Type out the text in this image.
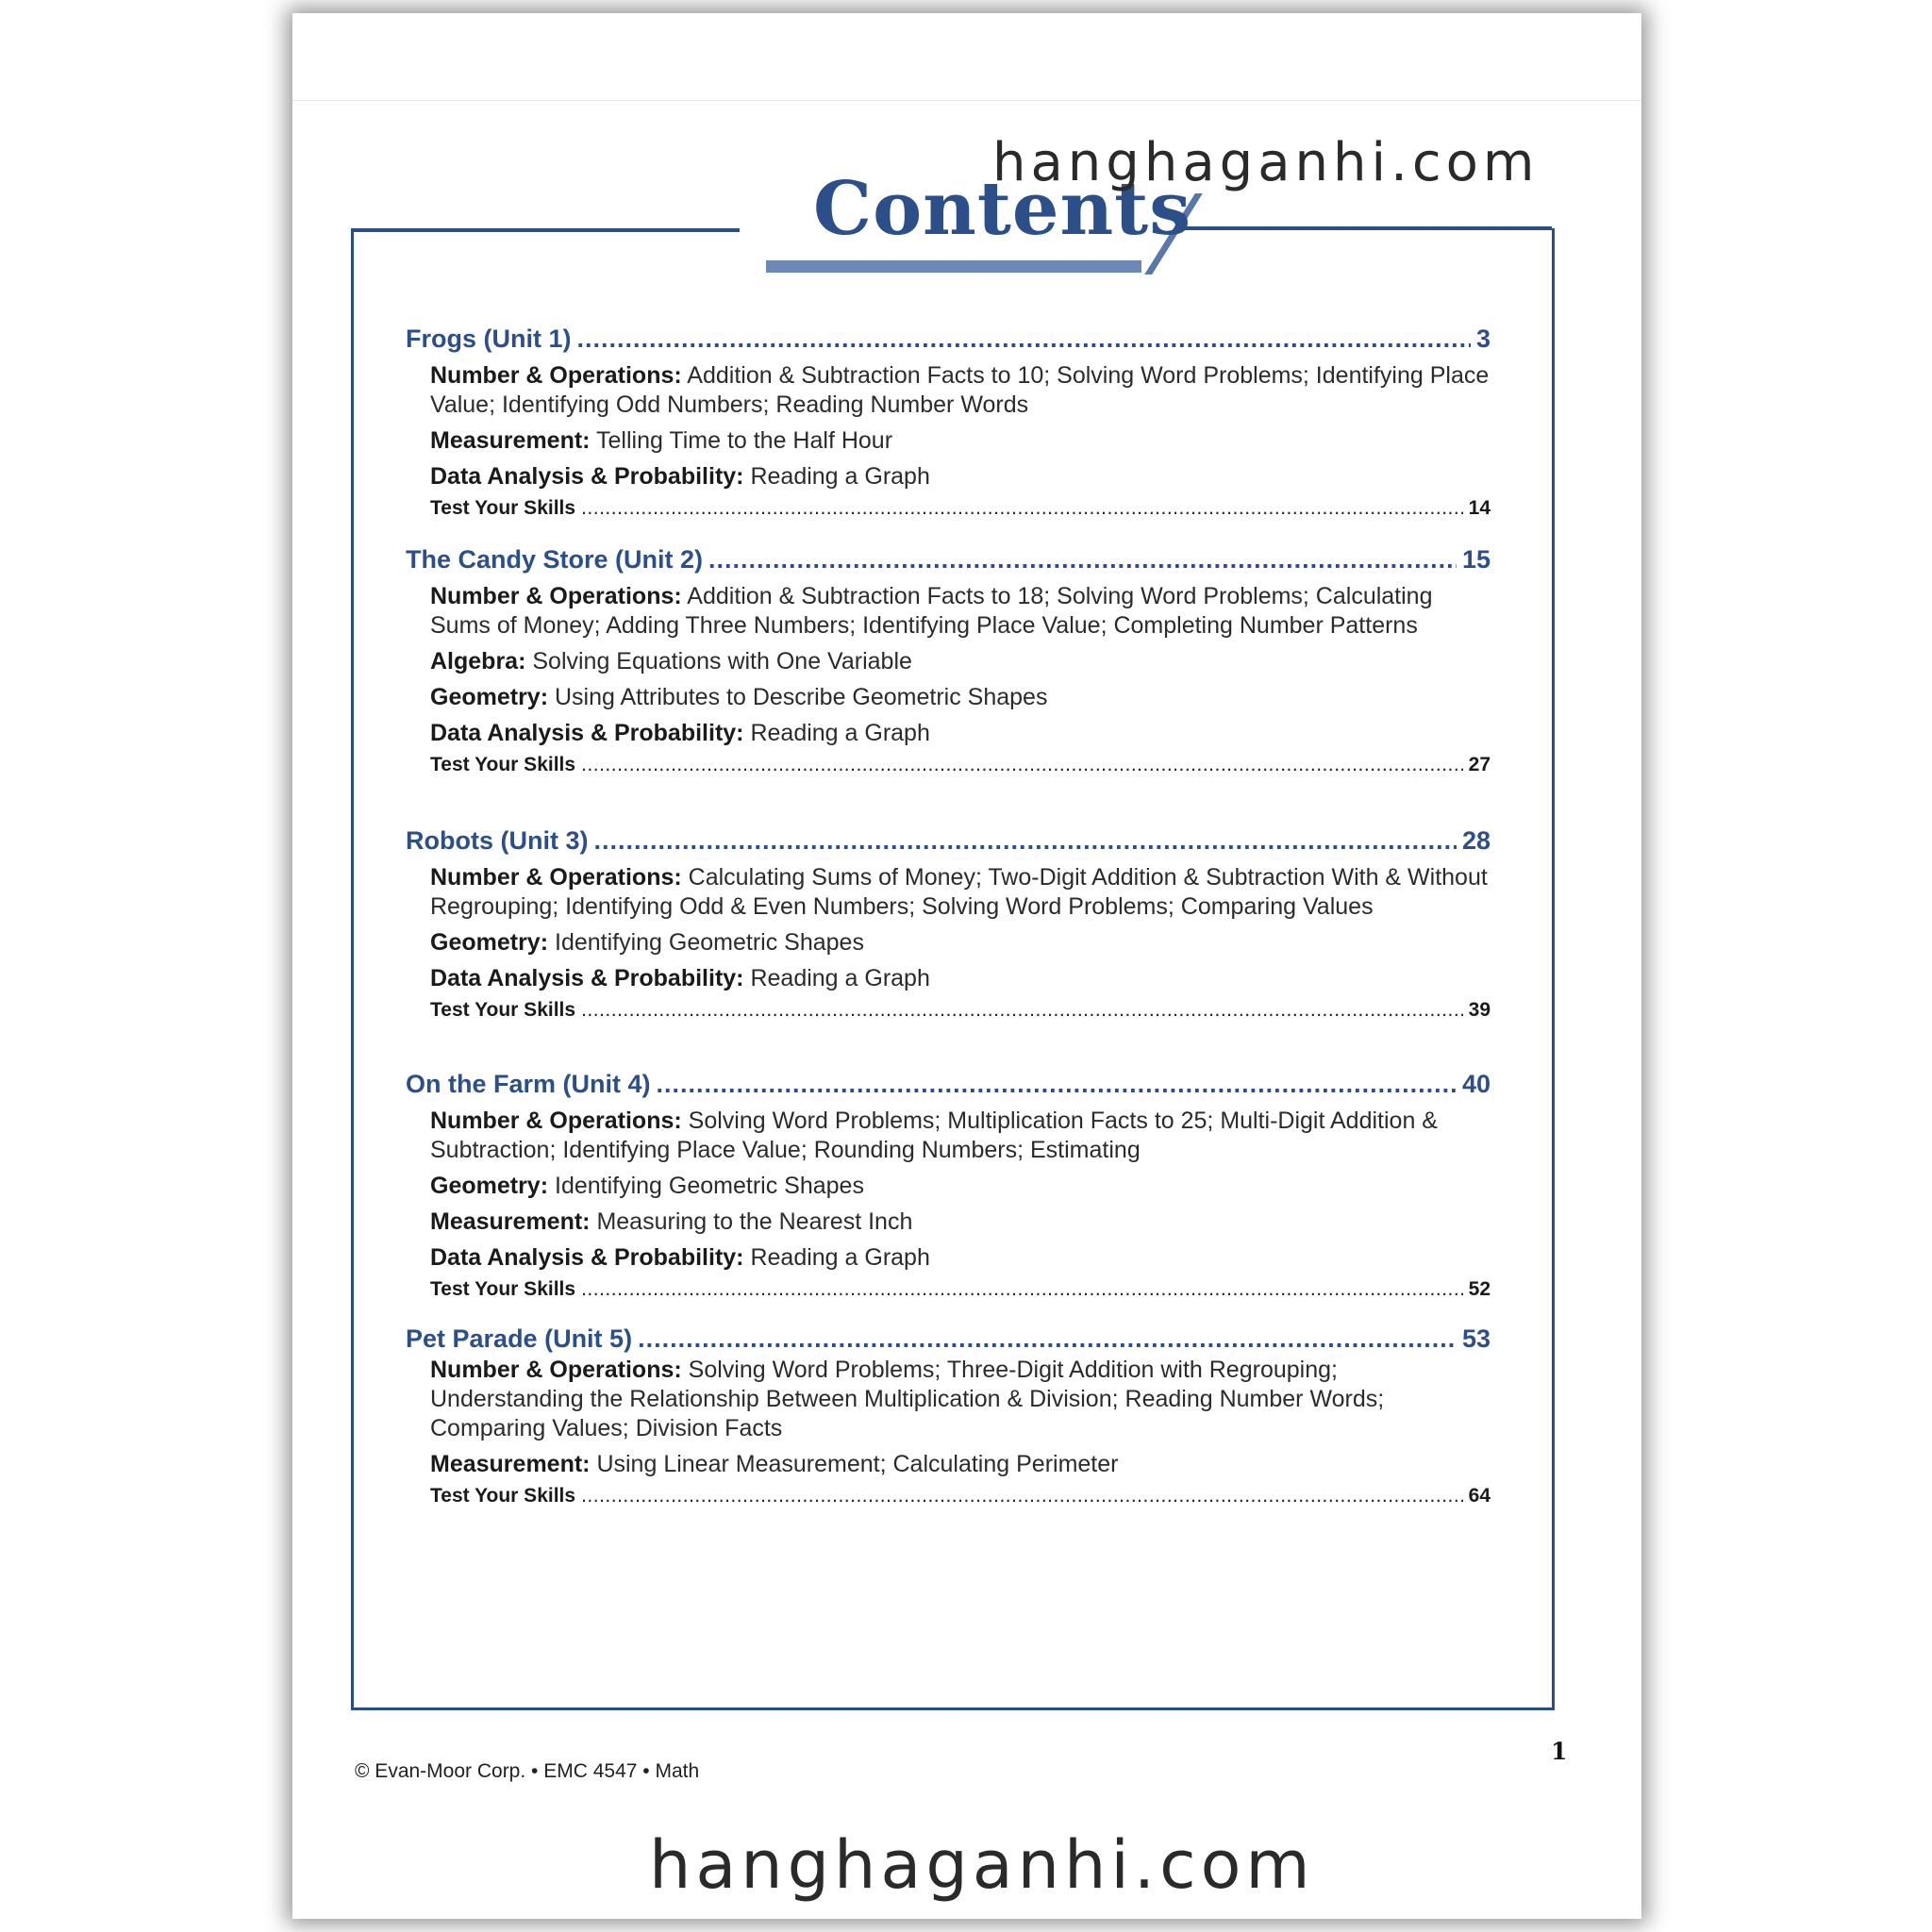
Contents
hanghaganhi.com
Frogs (Unit 1) .....	3
Number & Operations: Addition & Subtraction Facts to 10; Solving Word Problems; Identifying Place Value; Identifying Odd Numbers; Reading Number Words
Measurement: Telling Time to the Half Hour
Data Analysis & Probability: Reading a Graph
Test Your Skills .....	14
The Candy Store (Unit 2) .....	15
Number & Operations: Addition & Subtraction Facts to 18; Solving Word Problems; Calculating Sums of Money; Adding Three Numbers; Identifying Place Value; Completing Number Patterns
Algebra: Solving Equations with One Variable
Geometry: Using Attributes to Describe Geometric Shapes
Data Analysis & Probability: Reading a Graph
Test Your Skills .....	27
Robots (Unit 3) .....	28
Number & Operations: Calculating Sums of Money; Two-Digit Addition & Subtraction With & Without Regrouping; Identifying Odd & Even Numbers; Solving Word Problems; Comparing Values
Geometry: Identifying Geometric Shapes
Data Analysis & Probability: Reading a Graph
Test Your Skills .....	39
On the Farm (Unit 4) .....	40
Number & Operations: Solving Word Problems; Multiplication Facts to 25; Multi-Digit Addition & Subtraction; Identifying Place Value; Rounding Numbers; Estimating
Geometry: Identifying Geometric Shapes
Measurement: Measuring to the Nearest Inch
Data Analysis & Probability: Reading a Graph
Test Your Skills .....	52
Pet Parade (Unit 5) .....	53
Number & Operations: Solving Word Problems; Three-Digit Addition with Regrouping; Understanding the Relationship Between Multiplication & Division; Reading Number Words; Comparing Values; Division Facts
Measurement: Using Linear Measurement; Calculating Perimeter
Test Your Skills .....	64
© Evan-Moor Corp. • EMC 4547 • Math
1
hanghaganhi.com
